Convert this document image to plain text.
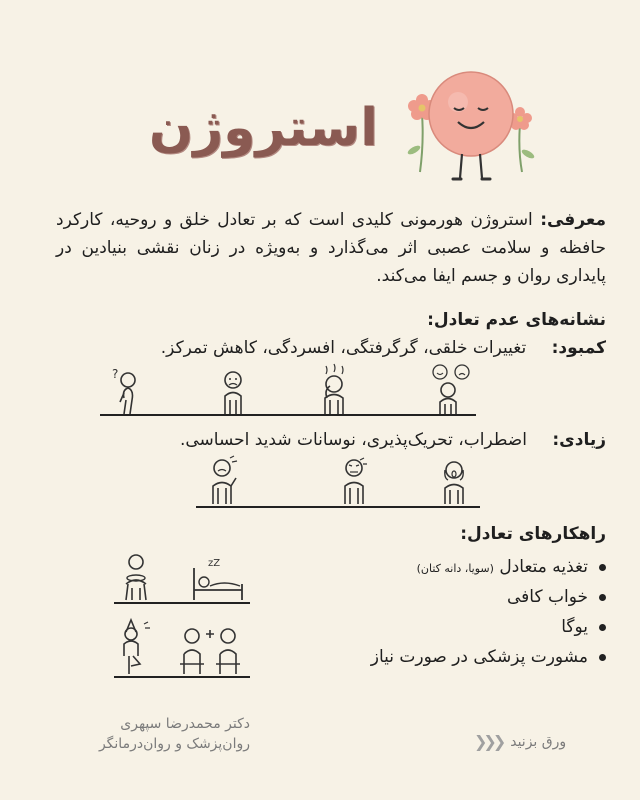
استروژن
معرفی: استروژن هورمونی کلیدی است که بر تعادل خلق و روحیه، کارکرد حافظه و سلامت عصبی اثر می‌گذارد و به‌ویژه در زنان نقشی بنیادین در پایداری روان و جسم ایفا می‌کند.
نشانه‌های عدم تعادل:
کمبود: تغییرات خلقی، گرگرفتگی، افسردگی، کاهش تمرکز.
?
زیادی: اضطراب، تحریک‌پذیری، نوسانات شدید احساسی.
راهکارهای تعادل:
تغذیه متعادل (سویا، دانه کتان)
خواب کافی
یوگا
مشورت پزشکی در صورت نیاز
zZ
دکتر محمدرضا سپهری
روان‌پزشک و روان‌درمانگر	ورق بزنید
❮❮❮
